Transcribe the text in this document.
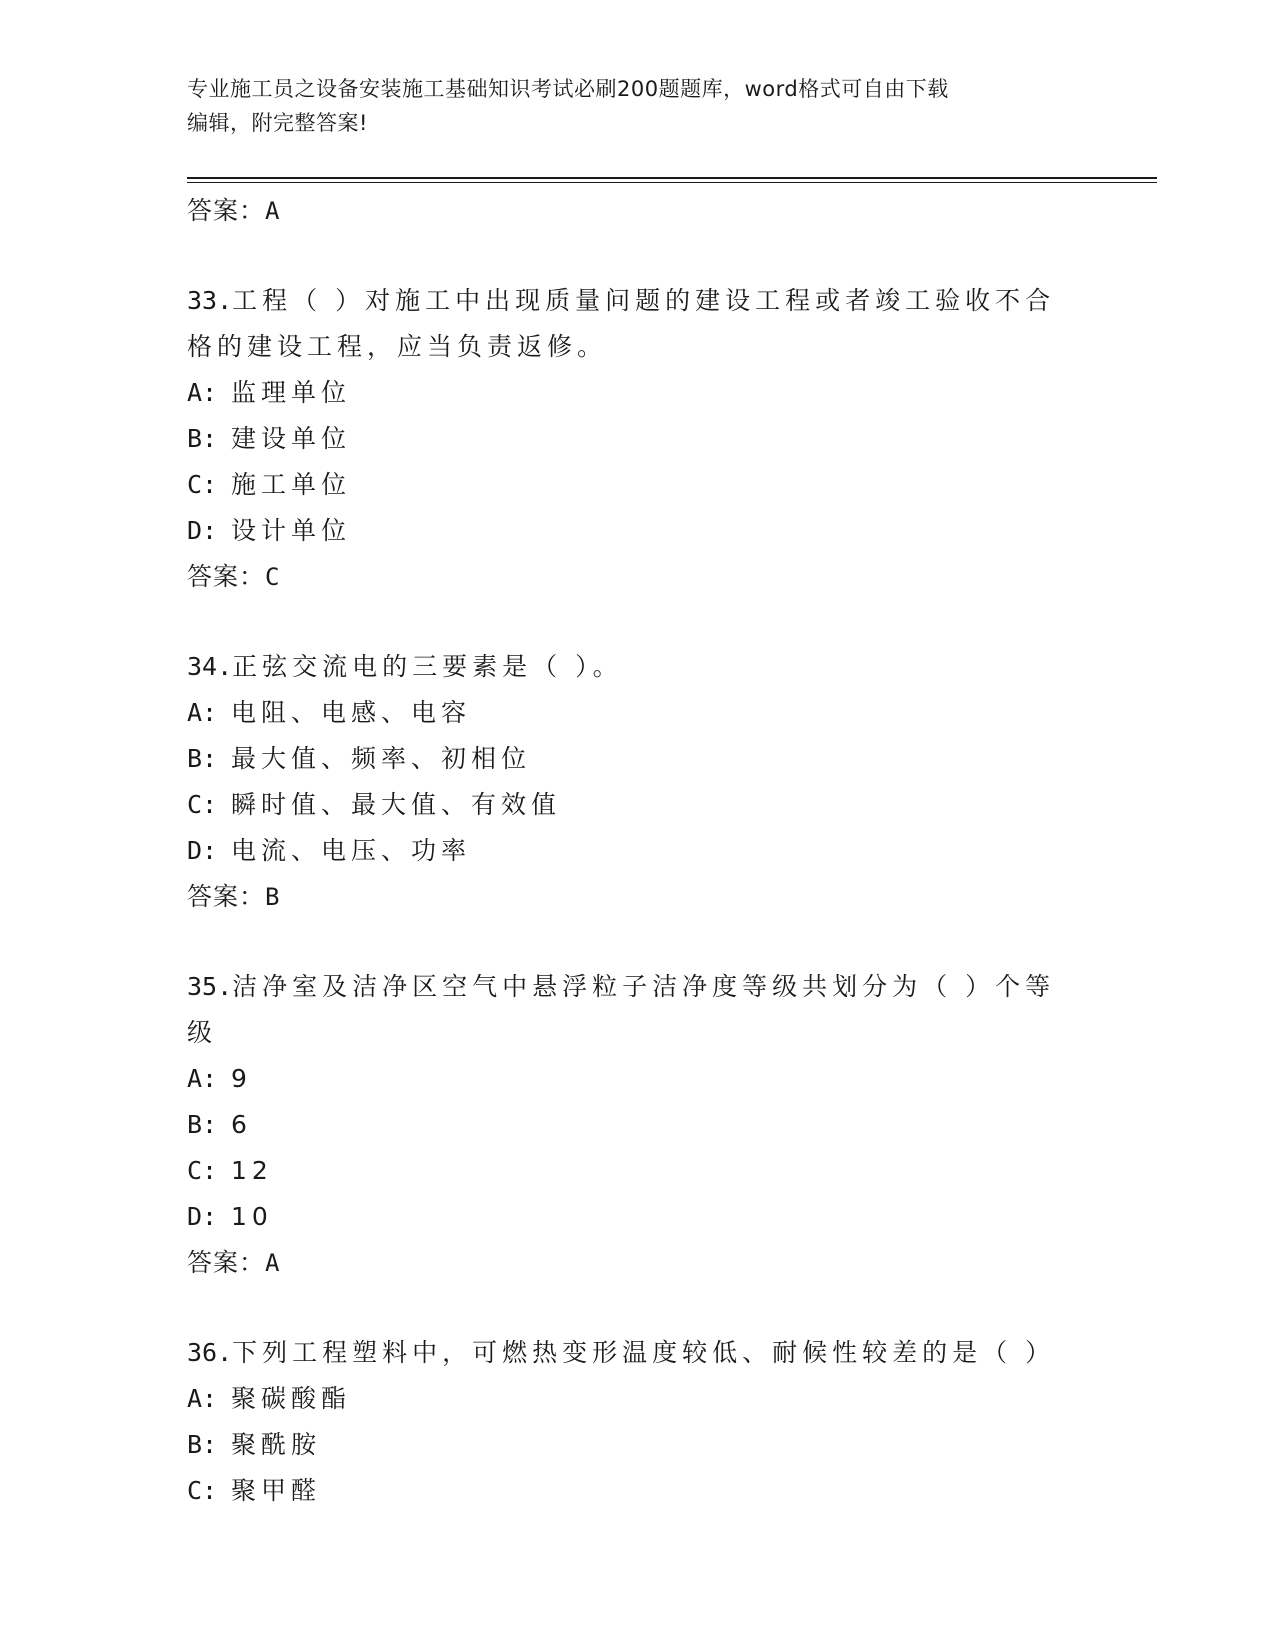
专业施工员之设备安装施工基础知识考试必刷200题题库，word格式可自由下载
编辑，附完整答案!
答案：A
33.工程（ ）对施工中出现质量问题的建设工程或者竣工验收不合格的建设工程，应当负责返修。
A: 监理单位
B: 建设单位
C: 施工单位
D: 设计单位
答案：C
34.正弦交流电的三要素是（ ）。
A: 电阻、电感、电容
B: 最大值、频率、初相位
C: 瞬时值、最大值、有效值
D: 电流、电压、功率
答案：B
35.洁净室及洁净区空气中悬浮粒子洁净度等级共划分为（ ）个等级
A: 9
B: 6
C: 12
D: 10
答案：A
36.下列工程塑料中，可燃热变形温度较低、耐候性较差的是（ ）
A: 聚碳酸酯
B: 聚酰胺
C: 聚甲醛
